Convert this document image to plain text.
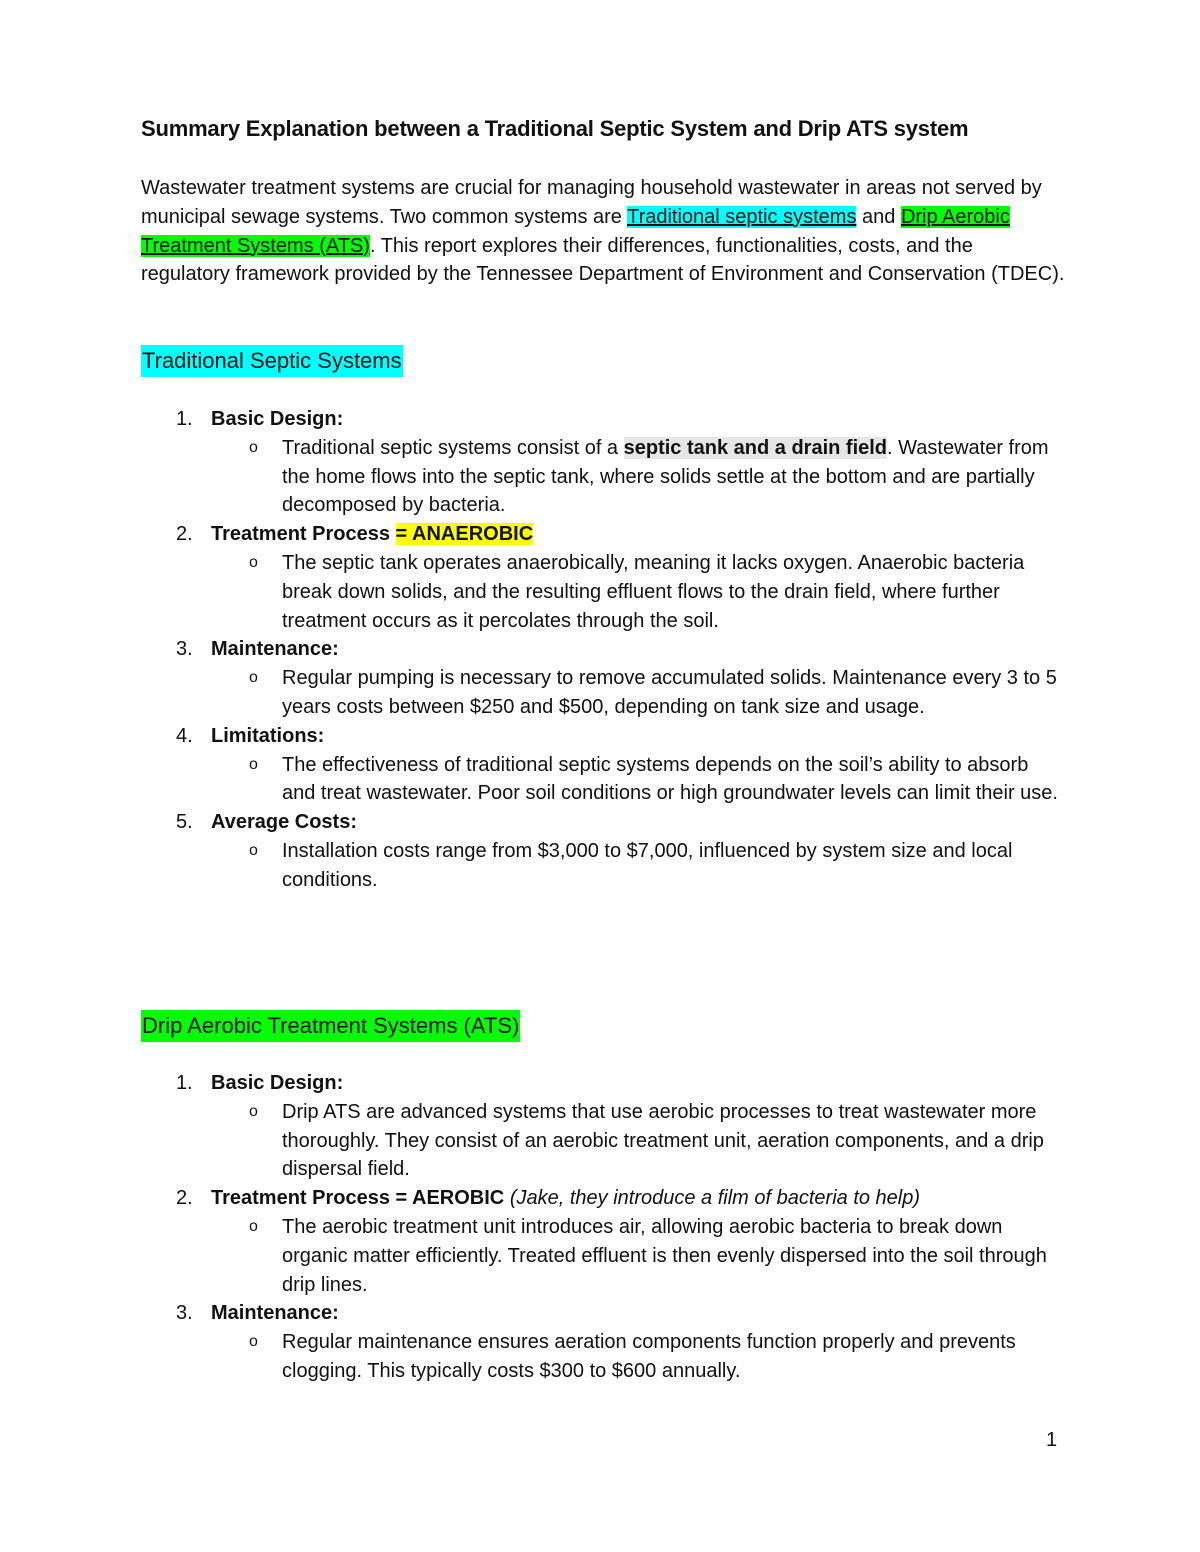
Summary Explanation between a Traditional Septic System and Drip ATS system

Wastewater treatment systems are crucial for managing household wastewater in areas not served by municipal sewage systems. Two common systems are Traditional septic systems and Drip Aerobic Treatment Systems (ATS). This report explores their differences, functionalities, costs, and the regulatory framework provided by the Tennessee Department of Environment and Conservation (TDEC).

Traditional Septic Systems
1. Basic Design:
o Traditional septic systems consist of a septic tank and a drain field. Wastewater from the home flows into the septic tank, where solids settle at the bottom and are partially decomposed by bacteria.
2. Treatment Process = ANAEROBIC
o The septic tank operates anaerobically, meaning it lacks oxygen. Anaerobic bacteria break down solids, and the resulting effluent flows to the drain field, where further treatment occurs as it percolates through the soil.
3. Maintenance:
o Regular pumping is necessary to remove accumulated solids. Maintenance every 3 to 5 years costs between $250 and $500, depending on tank size and usage.
4. Limitations:
o The effectiveness of traditional septic systems depends on the soil’s ability to absorb and treat wastewater. Poor soil conditions or high groundwater levels can limit their use.
5. Average Costs:
o Installation costs range from $3,000 to $7,000, influenced by system size and local conditions.
Drip Aerobic Treatment Systems (ATS)
1. Basic Design:
o Drip ATS are advanced systems that use aerobic processes to treat wastewater more thoroughly. They consist of an aerobic treatment unit, aeration components, and a drip dispersal field.
2. Treatment Process = AEROBIC (Jake, they introduce a film of bacteria to help)
o The aerobic treatment unit introduces air, allowing aerobic bacteria to break down organic matter efficiently. Treated effluent is then evenly dispersed into the soil through drip lines.
3. Maintenance:
o Regular maintenance ensures aeration components function properly and prevents clogging. This typically costs $300 to $600 annually.
1
